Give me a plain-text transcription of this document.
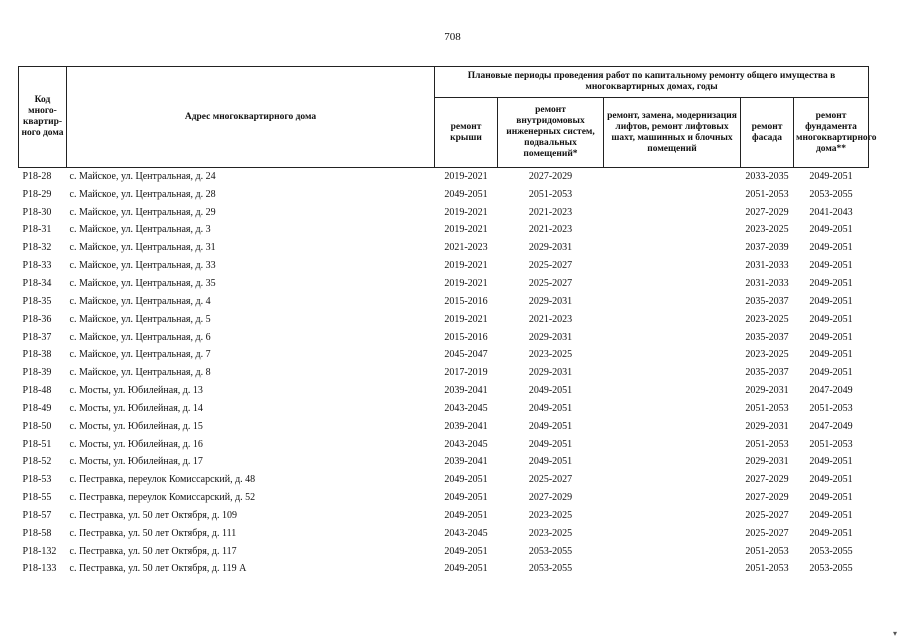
708
Код много-квартир-ного дома	Адрес многоквартирного дома	Плановые периоды проведения работ по капитальному ремонту общего имущества в многоквартирных домах, годы				
		ремонт крыши	ремонт внутридомовых инженерных систем, подвальных помещений*	ремонт, замена, модернизация лифтов, ремонт лифтовых шахт, машинных и блочных помещений	ремонт фасада	ремонт фундамента многоквартирного дома**
Р18-28	с. Майское, ул. Центральная, д. 24	2019-2021	2027-2029		2033-2035	2049-2051
Р18-29	с. Майское, ул. Центральная, д. 28	2049-2051	2051-2053		2051-2053	2053-2055
Р18-30	с. Майское, ул. Центральная, д. 29	2019-2021	2021-2023		2027-2029	2041-2043
Р18-31	с. Майское, ул. Центральная, д. 3	2019-2021	2021-2023		2023-2025	2049-2051
Р18-32	с. Майское, ул. Центральная, д. 31	2021-2023	2029-2031		2037-2039	2049-2051
Р18-33	с. Майское, ул. Центральная, д. 33	2019-2021	2025-2027		2031-2033	2049-2051
Р18-34	с. Майское, ул. Центральная, д. 35	2019-2021	2025-2027		2031-2033	2049-2051
Р18-35	с. Майское, ул. Центральная, д. 4	2015-2016	2029-2031		2035-2037	2049-2051
Р18-36	с. Майское, ул. Центральная, д. 5	2019-2021	2021-2023		2023-2025	2049-2051
Р18-37	с. Майское, ул. Центральная, д. 6	2015-2016	2029-2031		2035-2037	2049-2051
Р18-38	с. Майское, ул. Центральная, д. 7	2045-2047	2023-2025		2023-2025	2049-2051
Р18-39	с. Майское, ул. Центральная, д. 8	2017-2019	2029-2031		2035-2037	2049-2051
Р18-48	с. Мосты, ул. Юбилейная, д. 13	2039-2041	2049-2051		2029-2031	2047-2049
Р18-49	с. Мосты, ул. Юбилейная, д. 14	2043-2045	2049-2051		2051-2053	2051-2053
Р18-50	с. Мосты, ул. Юбилейная, д. 15	2039-2041	2049-2051		2029-2031	2047-2049
Р18-51	с. Мосты, ул. Юбилейная, д. 16	2043-2045	2049-2051		2051-2053	2051-2053
Р18-52	с. Мосты, ул. Юбилейная, д. 17	2039-2041	2049-2051		2029-2031	2049-2051
Р18-53	с. Пестравка, переулок Комиссарский, д. 48	2049-2051	2025-2027		2027-2029	2049-2051
Р18-55	с. Пестравка, переулок Комиссарский, д. 52	2049-2051	2027-2029		2027-2029	2049-2051
Р18-57	с. Пестравка, ул. 50 лет Октября, д. 109	2049-2051	2023-2025		2025-2027	2049-2051
Р18-58	с. Пестравка, ул. 50 лет Октября, д. 111	2043-2045	2023-2025		2025-2027	2049-2051
Р18-132	с. Пестравка, ул. 50 лет Октября, д. 117	2049-2051	2053-2055		2051-2053	2053-2055
Р18-133	с. Пестравка, ул. 50 лет Октября, д. 119 А	2049-2051	2053-2055		2051-2053	2053-2055
▾
